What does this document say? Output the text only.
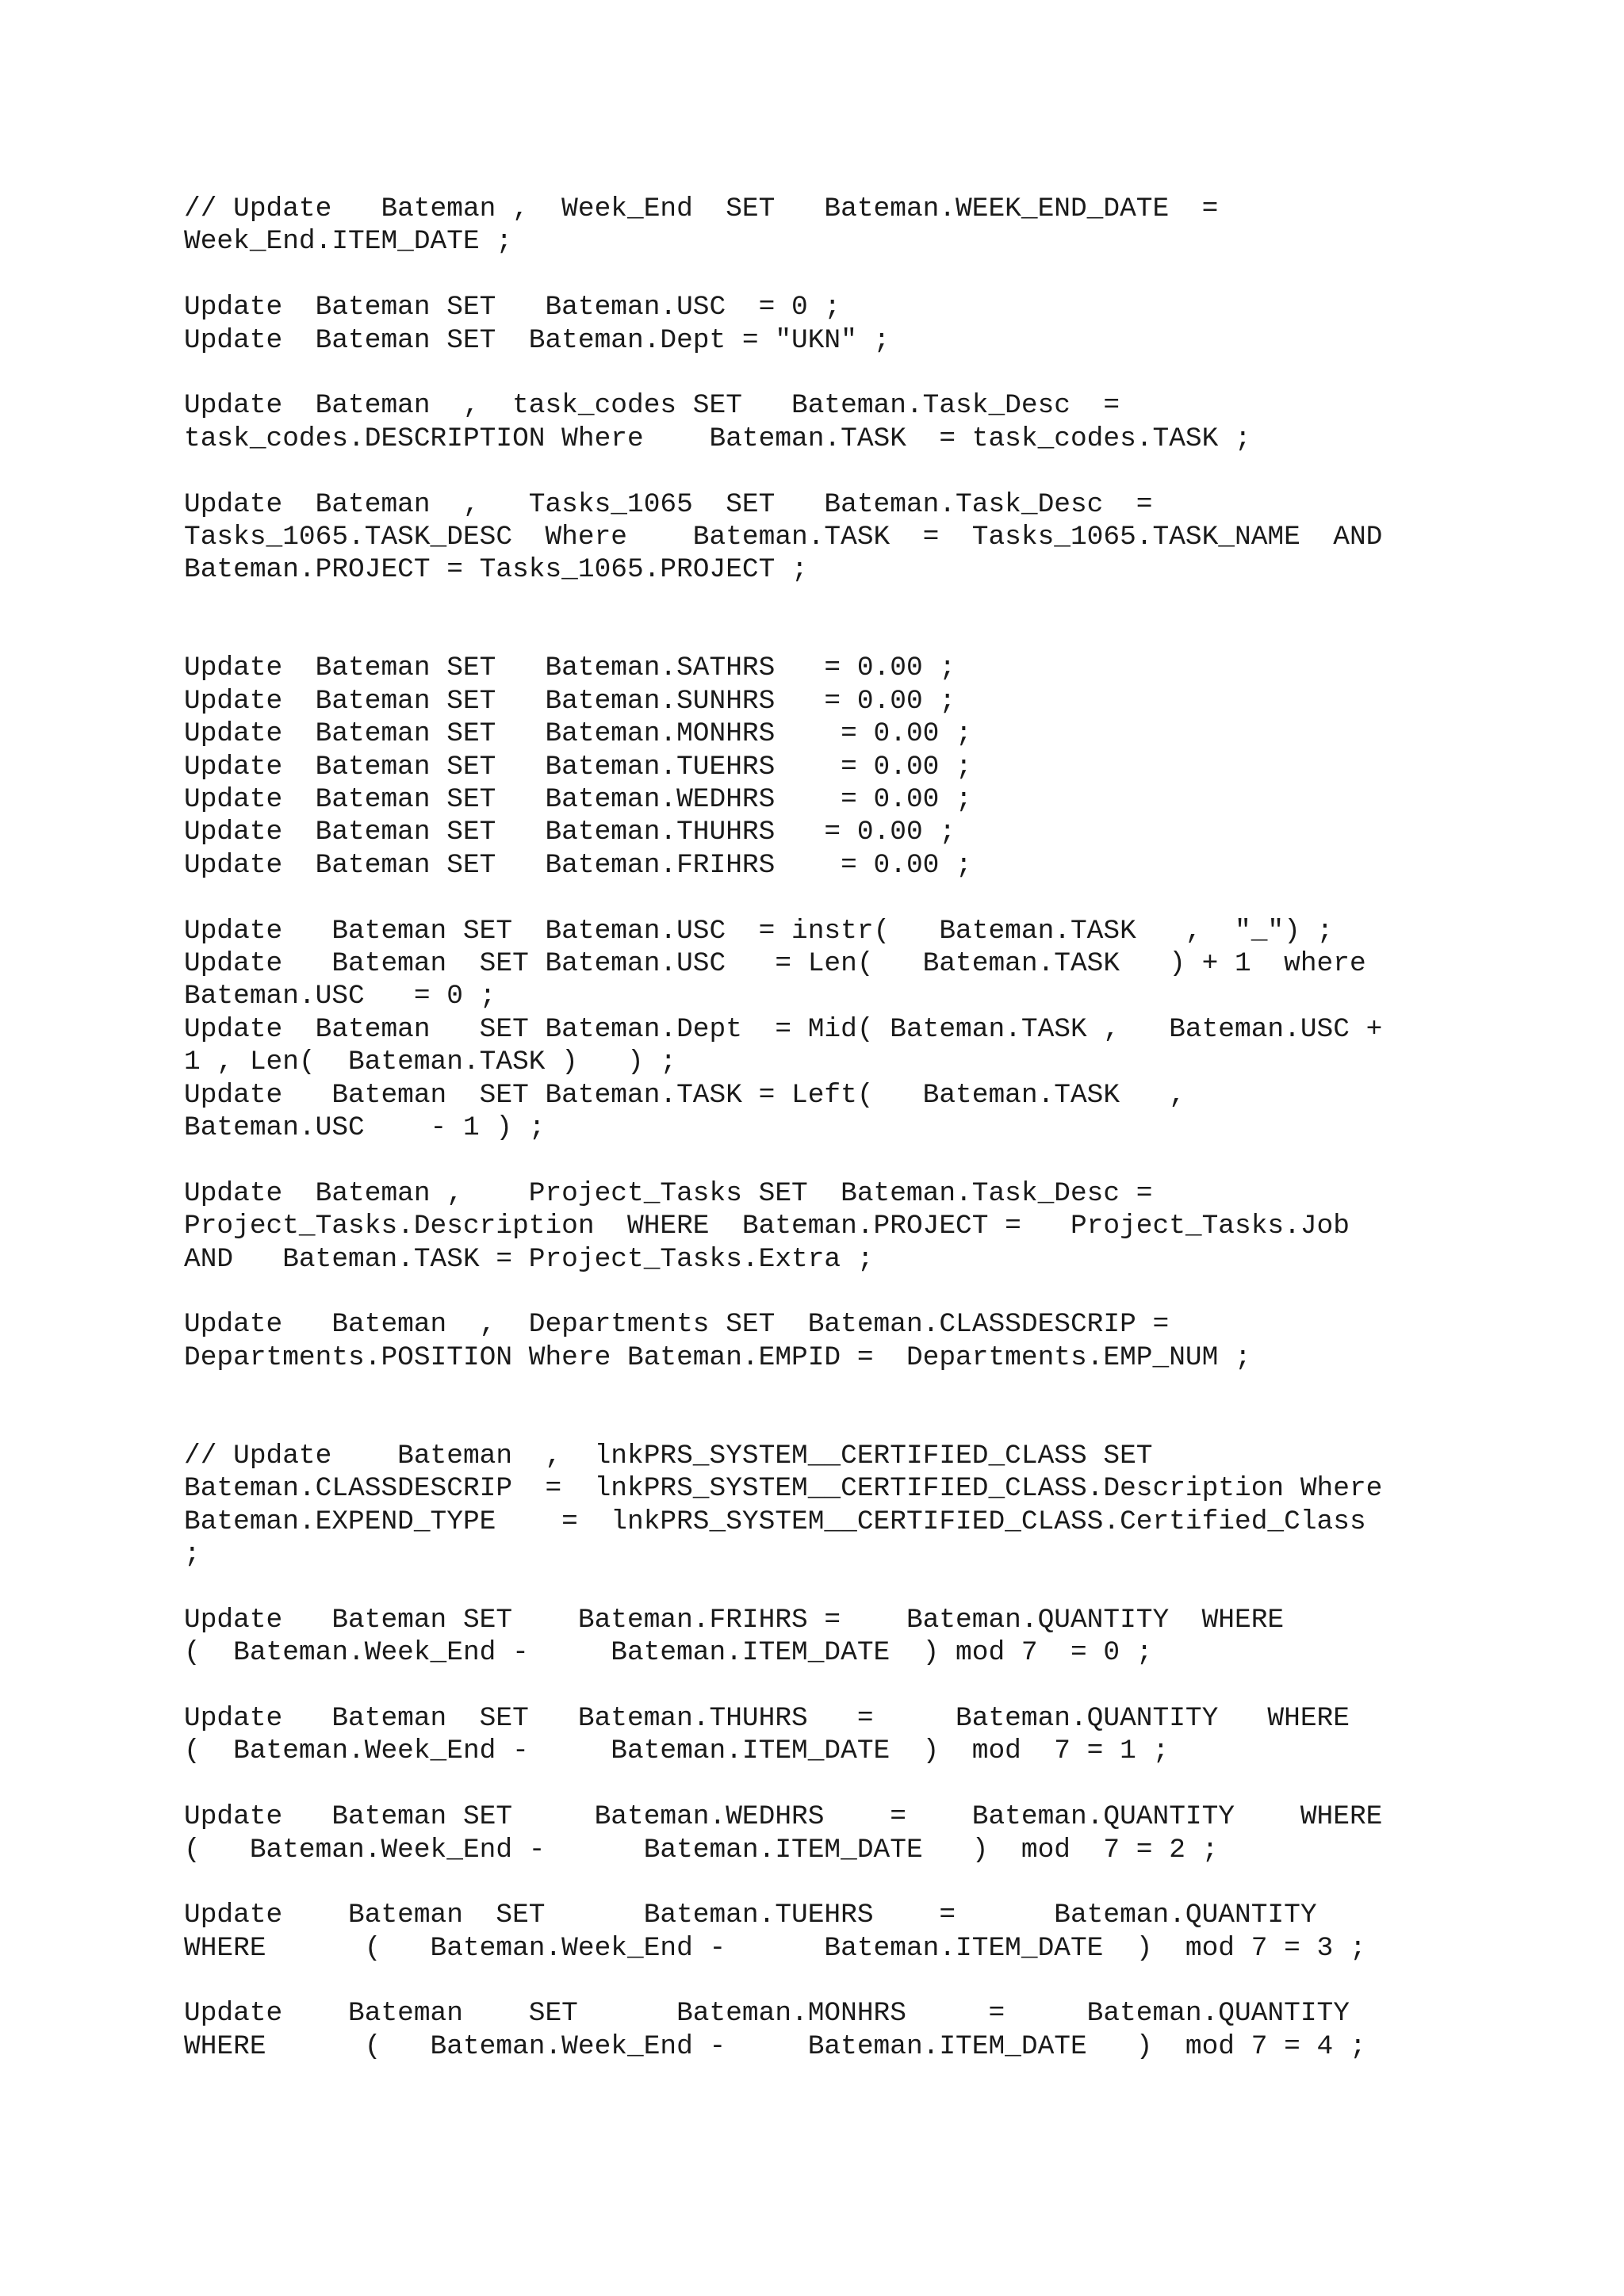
// Update   Bateman ,  Week_End  SET   Bateman.WEEK_END_DATE  =
Week_End.ITEM_DATE ;
Update  Bateman SET   Bateman.USC  = 0 ;
Update  Bateman SET  Bateman.Dept = "UKN" ;
Update  Bateman  ,  task_codes SET   Bateman.Task_Desc  =
task_codes.DESCRIPTION Where    Bateman.TASK  = task_codes.TASK ;
Update  Bateman  ,   Tasks_1065  SET   Bateman.Task_Desc  =
Tasks_1065.TASK_DESC  Where    Bateman.TASK  =  Tasks_1065.TASK_NAME  AND
Bateman.PROJECT = Tasks_1065.PROJECT ;
Update  Bateman SET   Bateman.SATHRS   = 0.00 ;
Update  Bateman SET   Bateman.SUNHRS   = 0.00 ;
Update  Bateman SET   Bateman.MONHRS    = 0.00 ;
Update  Bateman SET   Bateman.TUEHRS    = 0.00 ;
Update  Bateman SET   Bateman.WEDHRS    = 0.00 ;
Update  Bateman SET   Bateman.THUHRS   = 0.00 ;
Update  Bateman SET   Bateman.FRIHRS    = 0.00 ;
Update   Bateman SET  Bateman.USC  = instr(   Bateman.TASK   ,  "_") ;
Update   Bateman  SET Bateman.USC   = Len(   Bateman.TASK   ) + 1  where
Bateman.USC   = 0 ;
Update  Bateman   SET Bateman.Dept  = Mid( Bateman.TASK ,   Bateman.USC +
1 , Len(  Bateman.TASK )   ) ;
Update   Bateman  SET Bateman.TASK = Left(   Bateman.TASK   ,
Bateman.USC    - 1 ) ;
Update  Bateman ,    Project_Tasks SET  Bateman.Task_Desc =
Project_Tasks.Description  WHERE  Bateman.PROJECT =   Project_Tasks.Job
AND   Bateman.TASK = Project_Tasks.Extra ;
Update   Bateman  ,  Departments SET  Bateman.CLASSDESCRIP =
Departments.POSITION Where Bateman.EMPID =  Departments.EMP_NUM ;
// Update    Bateman  ,  lnkPRS_SYSTEM__CERTIFIED_CLASS SET
Bateman.CLASSDESCRIP  =  lnkPRS_SYSTEM__CERTIFIED_CLASS.Description Where
Bateman.EXPEND_TYPE    =  lnkPRS_SYSTEM__CERTIFIED_CLASS.Certified_Class
;
Update   Bateman SET    Bateman.FRIHRS =    Bateman.QUANTITY  WHERE
(  Bateman.Week_End -     Bateman.ITEM_DATE  ) mod 7  = 0 ;
Update   Bateman  SET   Bateman.THUHRS   =     Bateman.QUANTITY   WHERE
(  Bateman.Week_End -     Bateman.ITEM_DATE  )  mod  7 = 1 ;
Update   Bateman SET     Bateman.WEDHRS    =    Bateman.QUANTITY    WHERE
(   Bateman.Week_End -      Bateman.ITEM_DATE   )  mod  7 = 2 ;
Update    Bateman  SET      Bateman.TUEHRS    =      Bateman.QUANTITY
WHERE      (   Bateman.Week_End -      Bateman.ITEM_DATE  )  mod 7 = 3 ;
Update    Bateman    SET      Bateman.MONHRS     =     Bateman.QUANTITY
WHERE      (   Bateman.Week_End -     Bateman.ITEM_DATE   )  mod 7 = 4 ;
